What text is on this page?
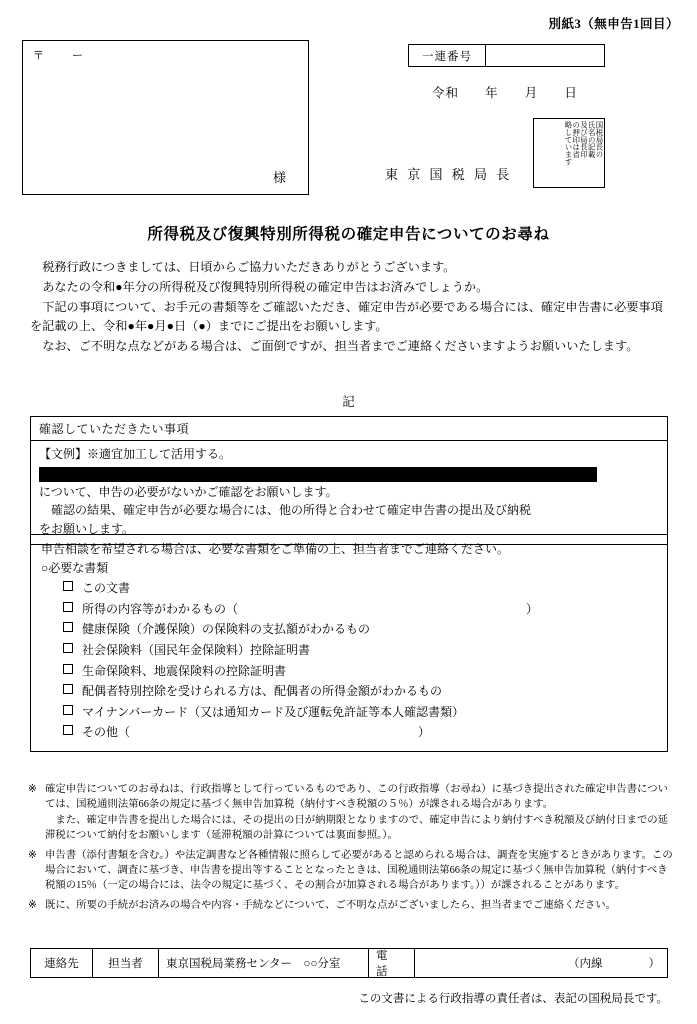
別紙3（無申告1回目）
〒　　ー
様
一連番号
令和 年 月 日
国税局長の
氏名の記載
及び局長印
の押印は省
略しています
東 京 国 税 局 長
所得税及び復興特別所得税の確定申告についてのお尋ね

税務行政につきましては、日頃からご協力いただきありがとうございます。

あなたの令和●年分の所得税及び復興特別所得税の確定申告はお済みでしょうか。

下記の事項について、お手元の書類等をご確認いただき、確定申告が必要である場合には、確定申告書に必要事項を記載の上、令和●年●月●日（●）までにご提出をお願いします。

なお、ご不明な点などがある場合は、ご面倒ですが、担当者までご連絡くださいますようお願いいたします。

記
確認していただきたい事項
【文例】※適宜加工して活用する。
について、申告の必要がないかご確認をお願いします。
確認の結果、確定申告が必要な場合には、他の所得と合わせて確定申告書の提出及び納税
をお願いします。
申告相談を希望される場合は、必要な書類をご準備の上、担当者までご連絡ください。
○必要な書類
この文書
所得の内容等がわかるもの（　　　　　　　　　　　　　　　　　　　　　　　　）
健康保険（介護保険）の保険料の支払額がわかるもの
社会保険料（国民年金保険料）控除証明書
生命保険料、地震保険料の控除証明書
配偶者特別控除を受けられる方は、配偶者の所得金額がわかるもの
マイナンバーカード（又は通知カード及び運転免許証等本人確認書類）
その他（　　　　　　　　　　　　　　　　　　　　　　　　）
※ 確定申告についてのお尋ねは、行政指導として行っているものであり、この行政指導（お尋ね）に基づき提出された確定申告書については、国税通則法第66条の規定に基づく無申告加算税（納付すべき税額の５％）が課される場合があります。

また、確定申告書を提出した場合には、その提出の日が納期限となりますので、確定申告により納付すべき税額及び納付日までの延滞税について納付をお願いします（延滞税額の計算については裏面参照。）。

※ 申告書（添付書類を含む。）や法定調書など各種情報に照らして必要があると認められる場合は、調査を実施するときがあります。この場合において、調査に基づき、申告書を提出等することとなったときは、国税通則法第66条の規定に基づく無申告加算税（納付すべき税額の15％（一定の場合には、法令の規定に基づく、その割合が加算される場合があります。））が課されることがあります。

※ 既に、所要の手続がお済みの場合や内容・手続などについて、ご不明な点がございましたら、担当者までご連絡ください。

連絡先	担当者	東京国税局業務センター　○○分室
電　話
（内線　　　　）
この文書による行政指導の責任者は、表記の国税局長です。
